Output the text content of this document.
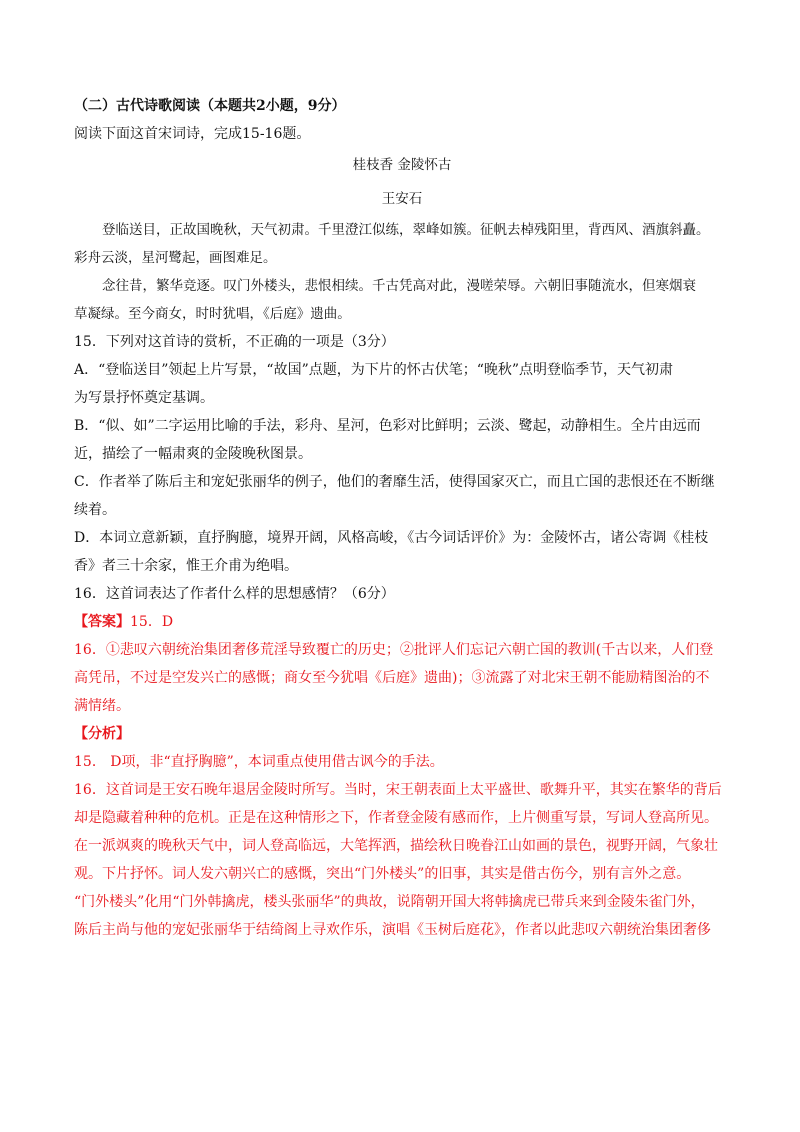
（二）古代诗歌阅读（本题共2小题，9分）

阅读下面这首宋词诗，完成15-16题。

桂枝香 金陵怀古
王安石

登临送目，正故国晚秋，天气初肃。千里澄江似练，翠峰如簇。征帆去棹残阳里，背西风、酒旗斜矗。

彩舟云淡，星河鹭起，画图难足。

念往昔，繁华竞逐。叹门外楼头，悲恨相续。千古凭高对此，漫嗟荣辱。六朝旧事随流水，但寒烟衰

草凝绿。至今商女，时时犹唱，《后庭》遗曲。

15．下列对这首诗的赏析，不正确的一项是（3分）

A．“登临送目”领起上片写景，“故国”点题，为下片的怀古伏笔；“晚秋”点明登临季节，天气初肃

为写景抒怀奠定基调。

B．“似、如”二字运用比喻的手法，彩舟、星河，色彩对比鲜明；云淡、鹭起，动静相生。全片由远而

近，描绘了一幅肃爽的金陵晚秋图景。

C．作者举了陈后主和宠妃张丽华的例子，他们的奢靡生活，使得国家灭亡，而且亡国的悲恨还在不断继

续着。

D．本词立意新颖，直抒胸臆，境界开阔，风格高峻，《古今词话评价》为：金陵怀古，诸公寄调《桂枝

香》者三十余家，惟王介甫为绝唱。

16．这首词表达了作者什么样的思想感情？（6分）

【答案】15．D

16．①悲叹六朝统治集团奢侈荒淫导致覆亡的历史；②批评人们忘记六朝亡国的教训(千古以来，人们登

高凭吊，不过是空发兴亡的感慨；商女至今犹唱《后庭》遗曲)；③流露了对北宋王朝不能励精图治的不

满情绪。

【分析】

15． D项，非“直抒胸臆”，本词重点使用借古讽今的手法。

16．这首词是王安石晚年退居金陵时所写。当时，宋王朝表面上太平盛世、歌舞升平，其实在繁华的背后

却是隐藏着种种的危机。正是在这种情形之下，作者登金陵有感而作，上片侧重写景，写词人登高所见。

在一派飒爽的晚秋天气中，词人登高临远，大笔挥洒，描绘秋日晚眷江山如画的景色，视野开阔，气象壮

观。下片抒怀。词人发六朝兴亡的感慨，突出“门外楼头”的旧事，其实是借古伤今，别有言外之意。

“门外楼头”化用“门外韩擒虎，楼头张丽华”的典故，说隋朝开国大将韩擒虎已带兵来到金陵朱雀门外，

陈后主尚与他的宠妃张丽华于结绮阁上寻欢作乐，演唱《玉树后庭花》，作者以此悲叹六朝统治集团奢侈
